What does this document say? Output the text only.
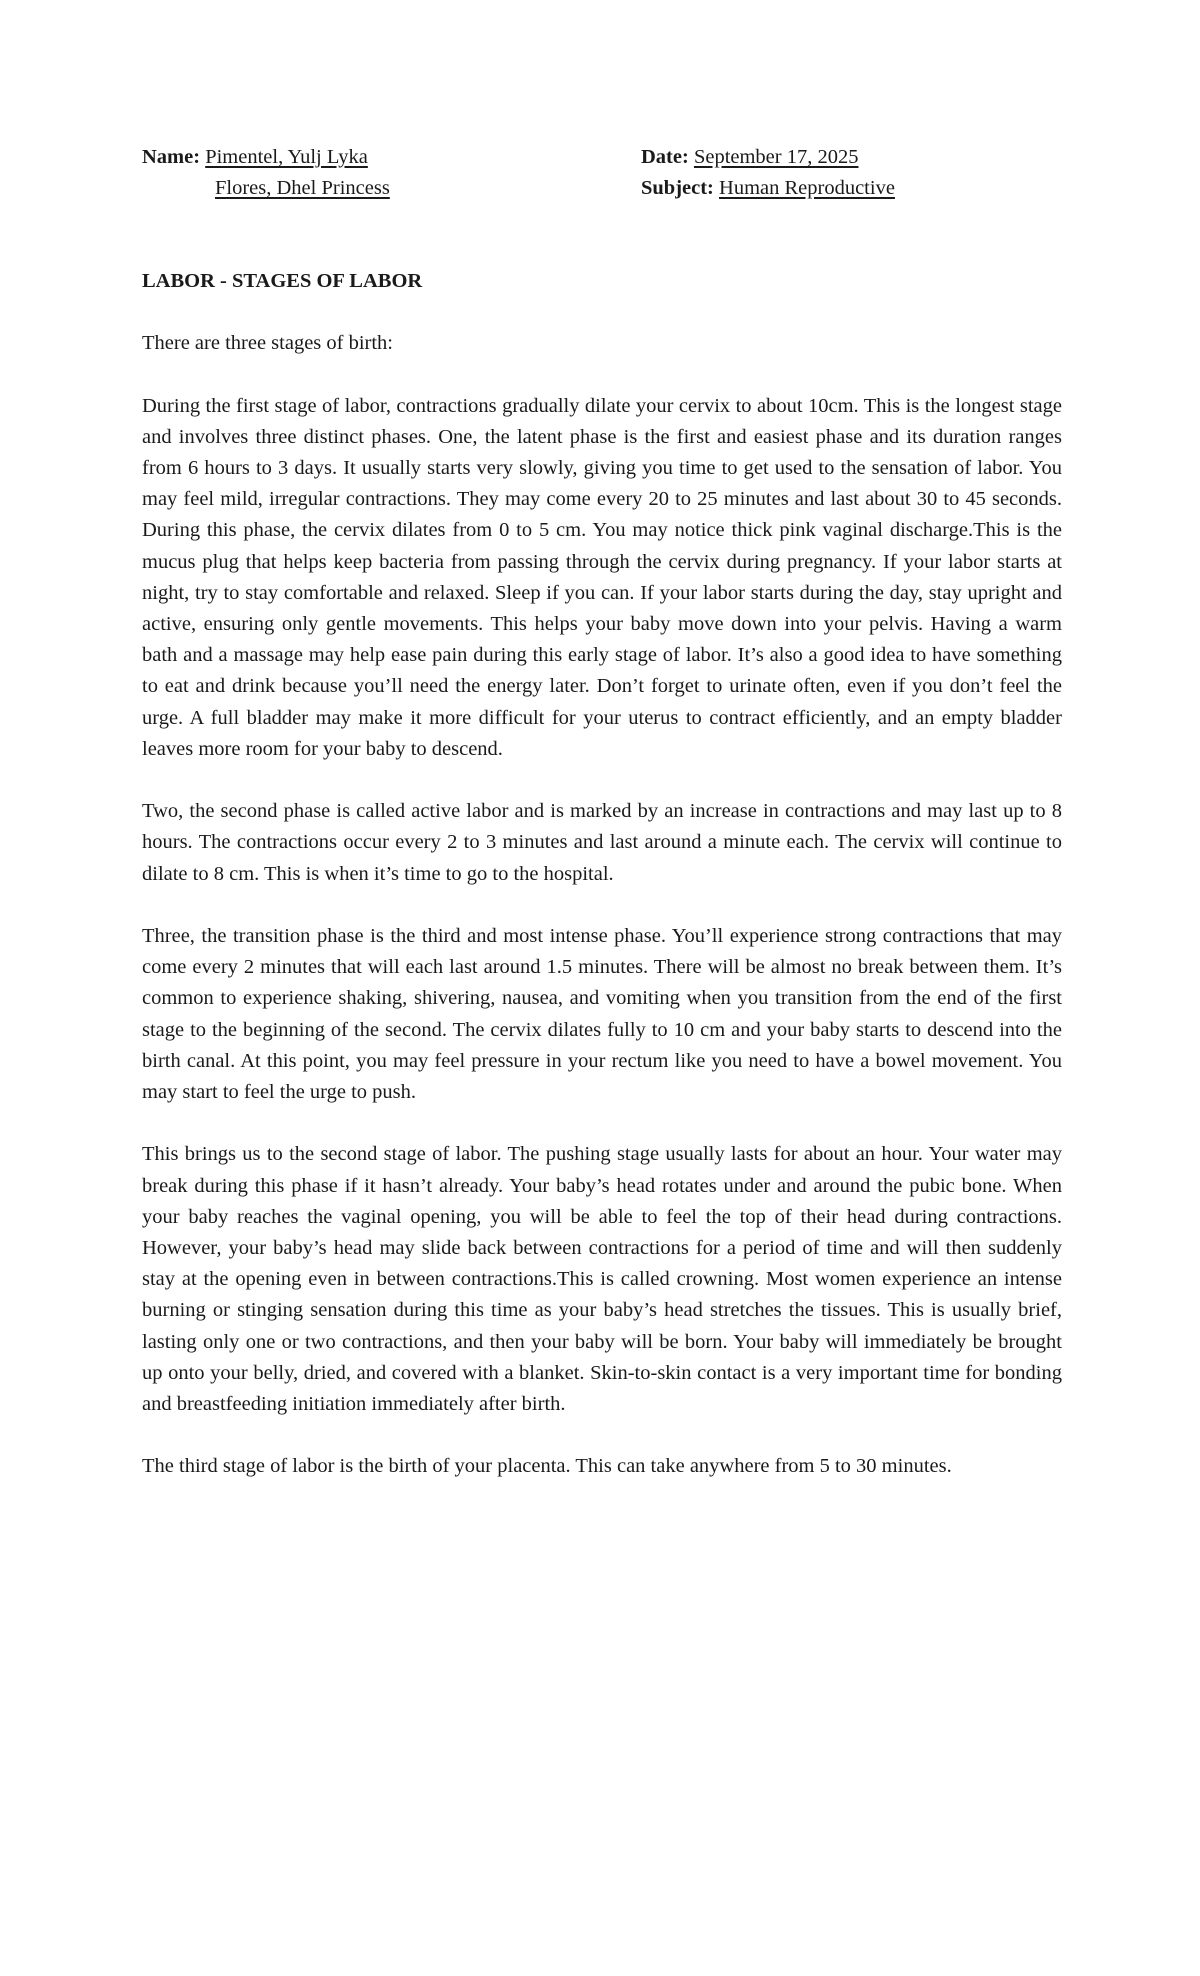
Name: Pimentel, Yulj Lyka
Flores, Dhel Princess
Date: September 17, 2025
Subject: Human Reproductive
LABOR - STAGES OF LABOR

There are three stages of birth:

During the first stage of labor, contractions gradually dilate your cervix to about 10cm. This is the longest stage and involves three distinct phases. One, the latent phase is the first and easiest phase and its duration ranges from 6 hours to 3 days. It usually starts very slowly, giving you time to get used to the sensation of labor. You may feel mild, irregular contractions. They may come every 20 to 25 minutes and last about 30 to 45 seconds. During this phase, the cervix dilates from 0 to 5 cm. You may notice thick pink vaginal discharge.This is the mucus plug that helps keep bacteria from passing through the cervix during pregnancy. If your labor starts at night, try to stay comfortable and relaxed. Sleep if you can. If your labor starts during the day, stay upright and active, ensuring only gentle movements. This helps your baby move down into your pelvis. Having a warm bath and a massage may help ease pain during this early stage of labor. It’s also a good idea to have something to eat and drink because you’ll need the energy later. Don’t forget to urinate often, even if you don’t feel the urge. A full bladder may make it more difficult for your uterus to contract efficiently, and an empty bladder leaves more room for your baby to descend.

Two, the second phase is called active labor and is marked by an increase in contractions and may last up to 8 hours. The contractions occur every 2 to 3 minutes and last around a minute each. The cervix will continue to dilate to 8 cm. This is when it’s time to go to the hospital.

Three, the transition phase is the third and most intense phase. You’ll experience strong contractions that may come every 2 minutes that will each last around 1.5 minutes. There will be almost no break between them. It’s common to experience shaking, shivering, nausea, and vomiting when you transition from the end of the first stage to the beginning of the second. The cervix dilates fully to 10 cm and your baby starts to descend into the birth canal. At this point, you may feel pressure in your rectum like you need to have a bowel movement. You may start to feel the urge to push.

This brings us to the second stage of labor. The pushing stage usually lasts for about an hour. Your water may break during this phase if it hasn’t already. Your baby’s head rotates under and around the pubic bone. When your baby reaches the vaginal opening, you will be able to feel the top of their head during contractions. However, your baby’s head may slide back between contractions for a period of time and will then suddenly stay at the opening even in between contractions.This is called crowning. Most women experience an intense burning or stinging sensation during this time as your baby’s head stretches the tissues. This is usually brief, lasting only one or two contractions, and then your baby will be born. Your baby will immediately be brought up onto your belly, dried, and covered with a blanket. Skin-to-skin contact is a very important time for bonding and breastfeeding initiation immediately after birth.

The third stage of labor is the birth of your placenta. This can take anywhere from 5 to 30 minutes.
